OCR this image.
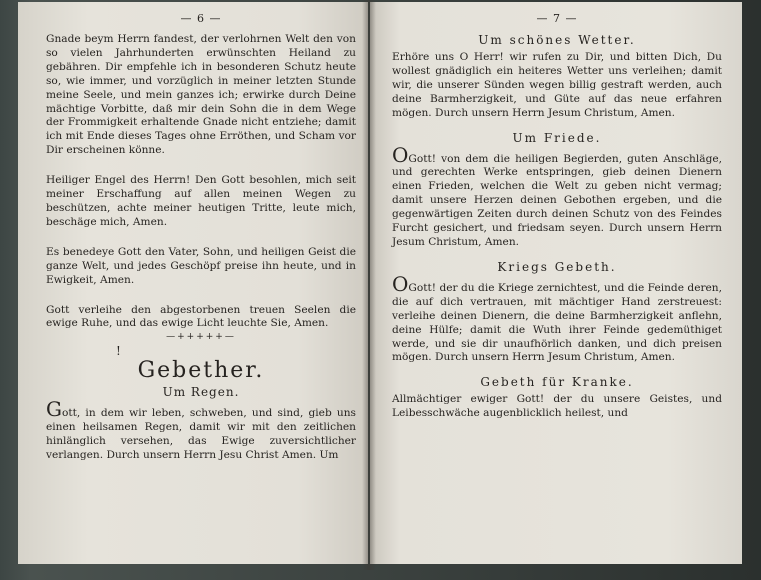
— 6 —

Gnade beym Herrn fandest, der verlohrnen Welt den von so vielen Jahrhunderten erwünschten Heiland zu gebähren. Dir empfehle ich in besonderen Schutz heute so, wie immer, und vorzüglich in meiner letzten Stunde meine Seele, und mein ganzes ich; erwirke durch Deine mächtige Vorbitte, daß mir dein Sohn die in dem Wege der Frommigkeit erhaltende Gnade nicht entziehe; damit ich mit Ende dieses Tages ohne Erröthen, und Scham vor Dir erscheinen könne.

Heiliger Engel des Herrn! Den Gott besohlen, mich seit meiner Erschaffung auf allen meinen Wegen zu beschützen, achte meiner heutigen Tritte, leute mich, beschäge mich, Amen.

Es benedeye Gott den Vater, Sohn, und heiligen Geist die ganze Welt, und jedes Geschöpf preise ihn heute, und in Ewigkeit, Amen.

Gott verleihe den abgestorbenen treuen Seelen die ewige Ruhe, und das ewige Licht leuchte Sie, Amen.

—+++++—
!
Gebether.
Um Regen.

Gott, in dem wir leben, schweben, und sind, gieb uns einen heilsamen Regen, damit wir mit den zeitlichen hinlänglich versehen, das Ewige zuversichtlicher verlangen. Durch unsern Herrn Jesu Christ Amen. Um

— 7 —
Um schönes Wetter.

Erhöre uns O Herr! wir rufen zu Dir, und bitten Dich, Du wollest gnädiglich ein heiteres Wetter uns verleihen; damit wir, die unserer Sünden wegen billig gestraft werden, auch deine Barmherzigkeit, und Güte auf das neue erfahren mögen. Durch unsern Herrn Jesum Christum, Amen.

Um Friede.

OGott! von dem die heiligen Begierden, guten Anschläge, und gerechten Werke entspringen, gieb deinen Dienern einen Frieden, welchen die Welt zu geben nicht vermag; damit unsere Herzen deinen Gebothen ergeben, und die gegenwärtigen Zeiten durch deinen Schutz von des Feindes Furcht gesichert, und friedsam seyen. Durch unsern Herrn Jesum Christum, Amen.

Kriegs Gebeth.

OGott! der du die Kriege zernichtest, und die Feinde deren, die auf dich vertrauen, mit mächtiger Hand zerstreuest: verleihe deinen Dienern, die deine Barmherzigkeit anflehn, deine Hülfe; damit die Wuth ihrer Feinde gedemüthiget werde, und sie dir unaufhörlich danken, und dich preisen mögen. Durch unsern Herrn Jesum Christum, Amen.

Gebeth für Kranke.

Allmächtiger ewiger Gott! der du unsere Geistes, und Leibesschwäche augenblicklich heilest, und
